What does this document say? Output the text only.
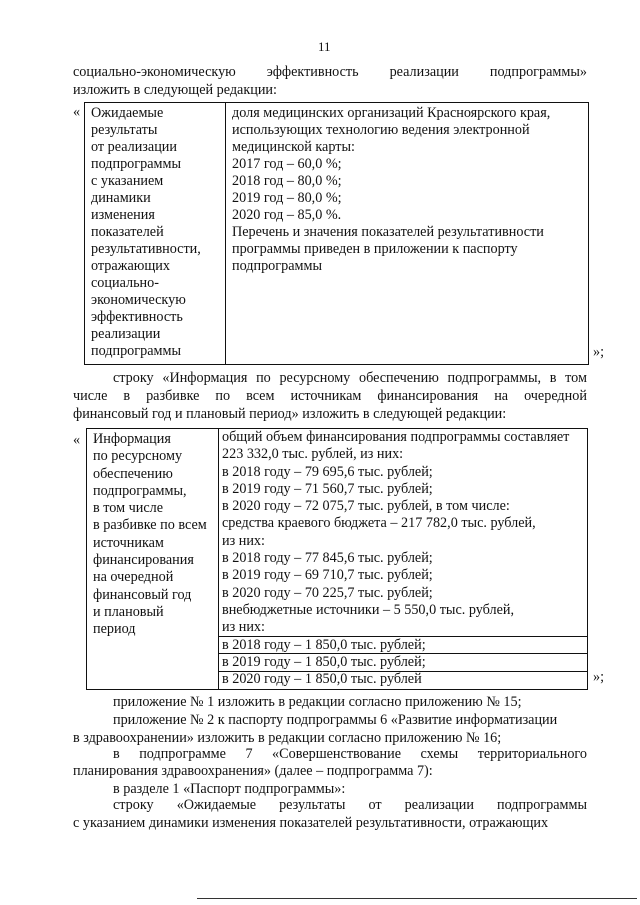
11
социально-экономическую эффективность реализации подпрограммы»
изложить в следующей редакции:
« Ожидаемые
результаты
от реализации
подпрограммы
с указанием
динамики
изменения
показателей
результативности,
отражающих
социально-
экономическую
эффективность
реализации
подпрограммы
доля медицинских организаций Красноярского края,
использующих технологию ведения электронной
медицинской карты:
2017 год – 60,0 %;
2018 год – 80,0 %;
2019 год – 80,0 %;
2020 год – 85,0 %.
Перечень и значения показателей результативности
программы приведен в приложении к паспорту
подпрограммы
»;
строку «Информация по ресурсному обеспечению подпрограммы, в том
числе в разбивке по всем источникам финансирования на очередной
финансовый год и плановый период» изложить в следующей редакции:
« Информация
по ресурсному
обеспечению
подпрограммы,
в том числе
в разбивке по всем
источникам
финансирования
на очередной
финансовый год
и плановый
период
общий объем финансирования подпрограммы составляет
223 332,0 тыс. рублей, из них:
в 2018 году – 79 695,6 тыс. рублей;
в 2019 году – 71 560,7 тыс. рублей;
в 2020 году – 72 075,7 тыс. рублей, в том числе:
средства краевого бюджета – 217 782,0 тыс. рублей,
из них:
в 2018 году – 77 845,6 тыс. рублей;
в 2019 году – 69 710,7 тыс. рублей;
в 2020 году – 70 225,7 тыс. рублей;
внебюджетные источники – 5 550,0 тыс. рублей,
из них:
в 2018 году – 1 850,0 тыс. рублей;
в 2019 году – 1 850,0 тыс. рублей;
в 2020 году – 1 850,0 тыс. рублей	»;
приложение № 1 изложить в редакции согласно приложению № 15;
приложение № 2 к паспорту подпрограммы 6 «Развитие информатизации
в здравоохранении» изложить в редакции согласно приложению № 16;
в подпрограмме 7 «Совершенствование схемы территориального
планирования здравоохранения» (далее – подпрограмма 7):
в разделе 1 «Паспорт подпрограммы»:
строку «Ожидаемые результаты от реализации подпрограммы
с указанием динамики изменения показателей результативности, отражающих
